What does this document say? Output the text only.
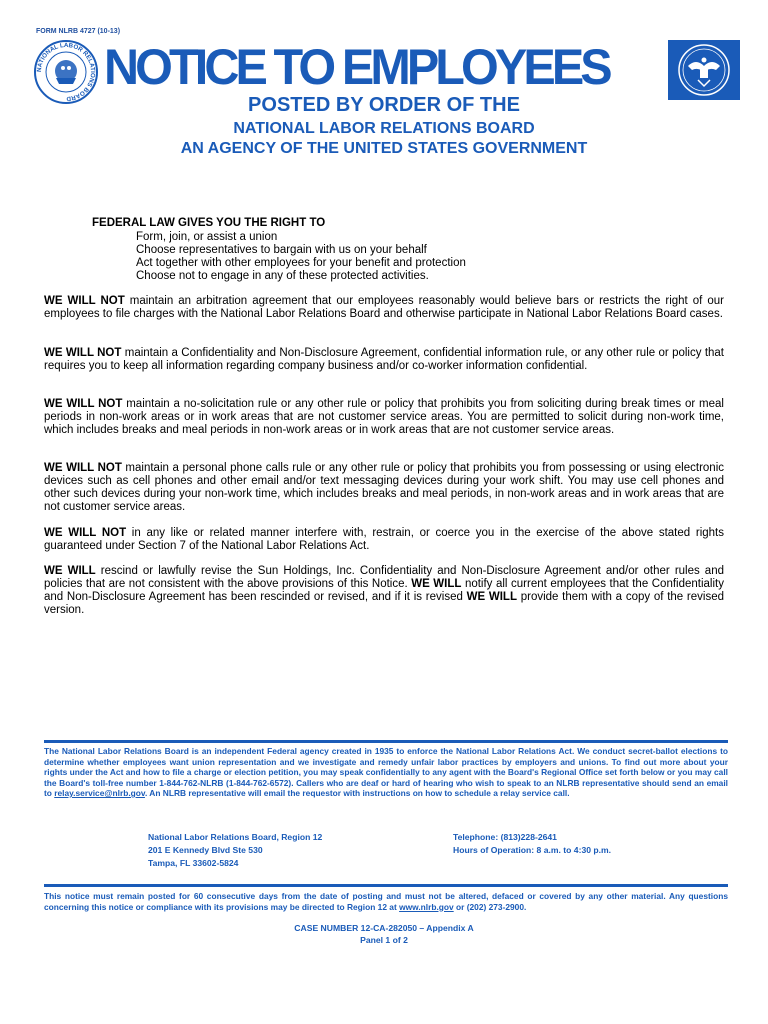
FORM NLRB 4727 (10-13)
NATIONAL LABOR RELATIONS BOARD
NOTICE TO EMPLOYEES
POSTED BY ORDER OF THE
NATIONAL LABOR RELATIONS BOARD
AN AGENCY OF THE UNITED STATES GOVERNMENT
FEDERAL LAW GIVES YOU THE RIGHT TO
Form, join, or assist a union
Choose representatives to bargain with us on your behalf
Act together with other employees for your benefit and protection
Choose not to engage in any of these protected activities.

WE WILL NOT maintain an arbitration agreement that our employees reasonably would believe bars or restricts the right of our employees to file charges with the National Labor Relations Board and otherwise participate in National Labor Relations Board cases.

WE WILL NOT maintain a Confidentiality and Non-Disclosure Agreement, confidential information rule, or any other rule or policy that requires you to keep all information regarding company business and/or co-worker information confidential.

WE WILL NOT maintain a no-solicitation rule or any other rule or policy that prohibits you from soliciting during break times or meal periods in non-work areas or in work areas that are not customer service areas. You are permitted to solicit during non-work time, which includes breaks and meal periods in non-work areas or in work areas that are not customer service areas.

WE WILL NOT maintain a personal phone calls rule or any other rule or policy that prohibits you from possessing or using electronic devices such as cell phones and other email and/or text messaging devices during your work shift. You may use cell phones and other such devices during your non-work time, which includes breaks and meal periods, in non-work areas and in work areas that are not customer service areas.

WE WILL NOT in any like or related manner interfere with, restrain, or coerce you in the exercise of the above stated rights guaranteed under Section 7 of the National Labor Relations Act.

WE WILL rescind or lawfully revise the Sun Holdings, Inc. Confidentiality and Non-Disclosure Agreement and/or other rules and policies that are not consistent with the above provisions of this Notice. WE WILL notify all current employees that the Confidentiality and Non-Disclosure Agreement has been rescinded or revised, and if it is revised WE WILL provide them with a copy of the revised version.

The National Labor Relations Board is an independent Federal agency created in 1935 to enforce the National Labor Relations Act. We conduct secret-ballot elections to determine whether employees want union representation and we investigate and remedy unfair labor practices by employers and unions. To find out more about your rights under the Act and how to file a charge or election petition, you may speak confidentially to any agent with the Board's Regional Office set forth below or you may call the Board's toll-free number 1-844-762-NLRB (1-844-762-6572). Callers who are deaf or hard of hearing who wish to speak to an NLRB representative should send an email to relay.service@nlrb.gov. An NLRB representative will email the requestor with instructions on how to schedule a relay service call.

National Labor Relations Board, Region 12
201 E Kennedy Blvd Ste 530
Tampa, FL 33602-5824
Telephone: (813)228-2641
Hours of Operation: 8 a.m. to 4:30 p.m.

This notice must remain posted for 60 consecutive days from the date of posting and must not be altered, defaced or covered by any other material. Any questions concerning this notice or compliance with its provisions may be directed to Region 12 at www.nlrb.gov or (202) 273-2900.

CASE NUMBER 12-CA-282050 – Appendix A
Panel 1 of 2
